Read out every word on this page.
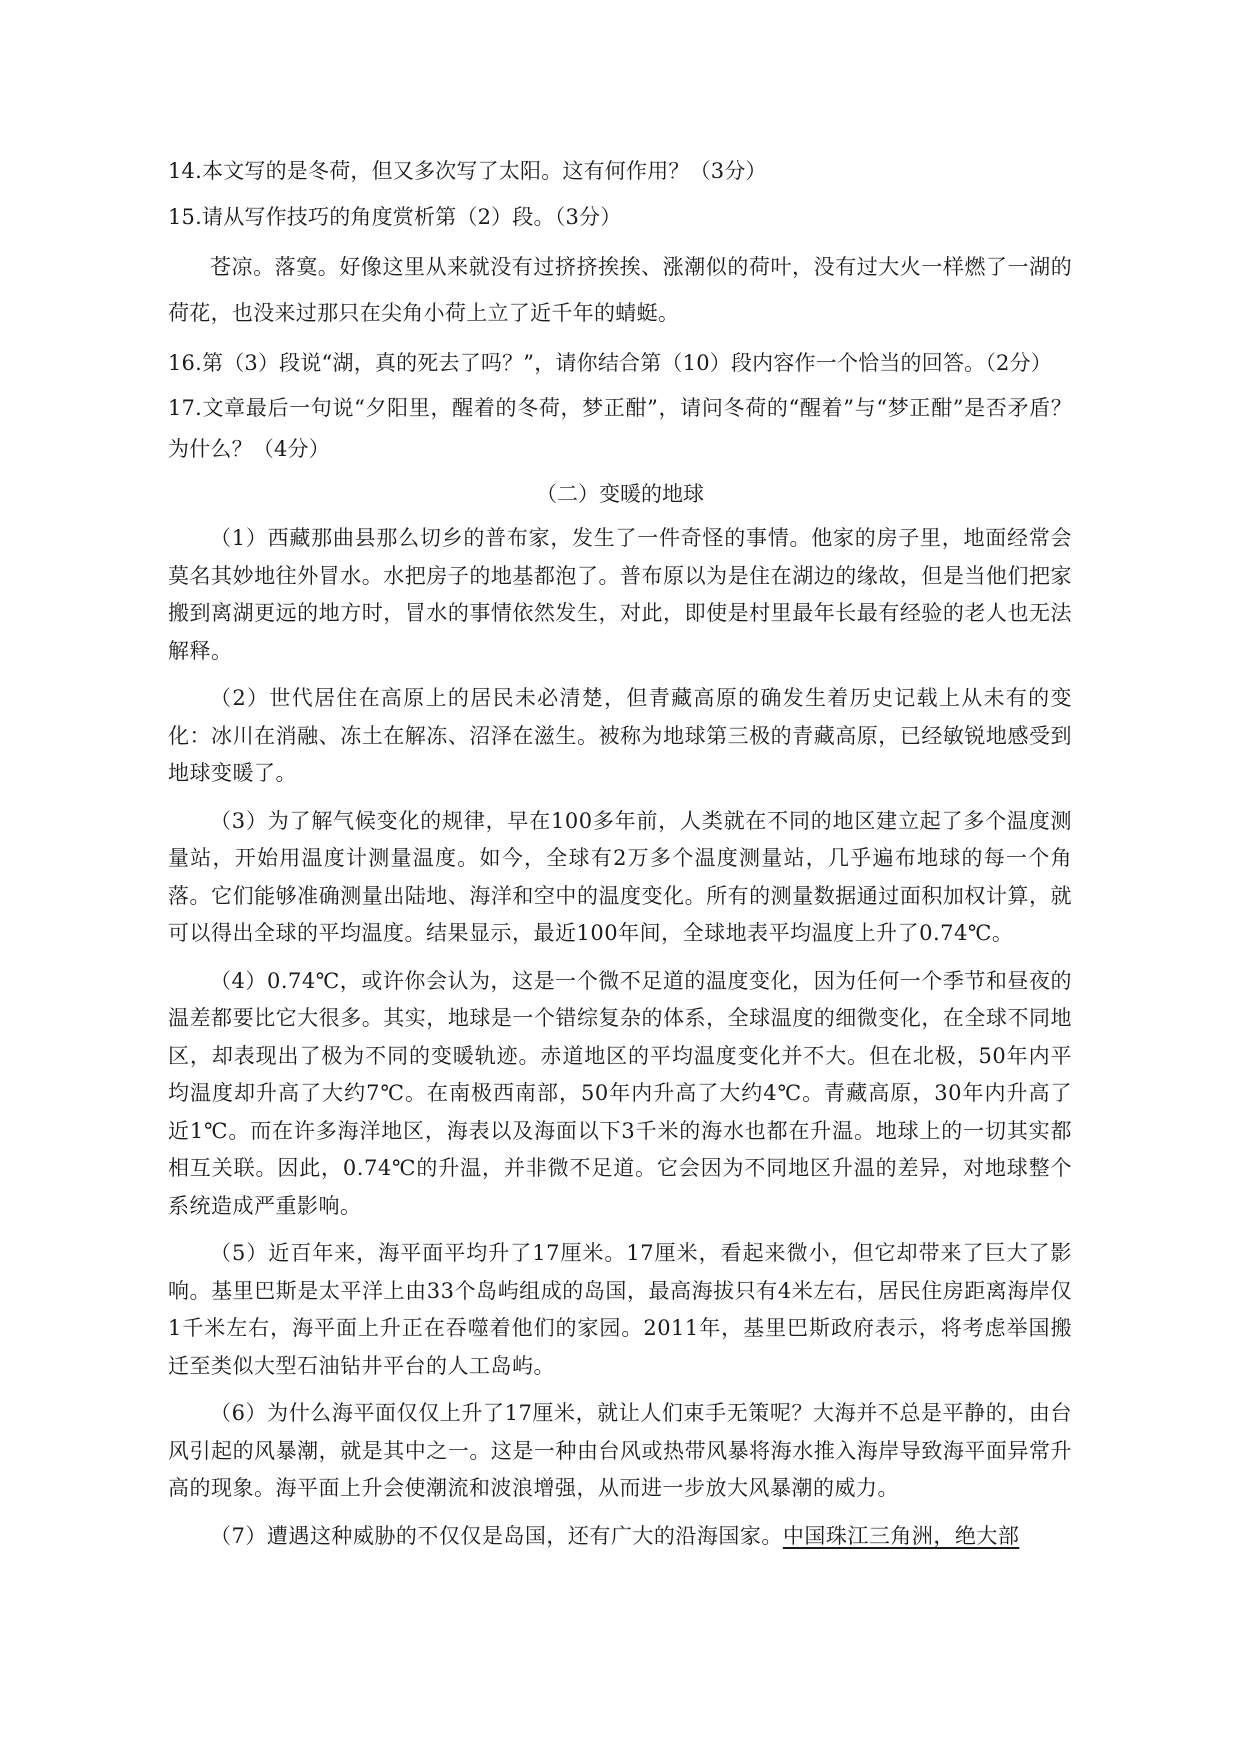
14.本文写的是冬荷，但又多次写了太阳。这有何作用？（3分）

15.请从写作技巧的角度赏析第（2）段。（3分）

苍凉。落寞。好像这里从来就没有过挤挤挨挨、涨潮似的荷叶，没有过大火一样燃了一湖的荷花，也没来过那只在尖角小荷上立了近千年的蜻蜓。

16.第（3）段说“湖，真的死去了吗？”，请你结合第（10）段内容作一个恰当的回答。（2分）

17.文章最后一句说“夕阳里，醒着的冬荷，梦正酣”，请问冬荷的“醒着”与“梦正酣”是否矛盾？为什么？（4分）

（二）变暖的地球

（1）西藏那曲县那么切乡的普布家，发生了一件奇怪的事情。他家的房子里，地面经常会莫名其妙地往外冒水。水把房子的地基都泡了。普布原以为是住在湖边的缘故，但是当他们把家搬到离湖更远的地方时，冒水的事情依然发生，对此，即使是村里最年长最有经验的老人也无法解释。

（2）世代居住在高原上的居民未必清楚，但青藏高原的确发生着历史记载上从未有的变化：冰川在消融、冻土在解冻、沼泽在滋生。被称为地球第三极的青藏高原，已经敏锐地感受到地球变暖了。

（3）为了解气候变化的规律，早在100多年前，人类就在不同的地区建立起了多个温度测量站，开始用温度计测量温度。如今，全球有2万多个温度测量站，几乎遍布地球的每一个角落。它们能够准确测量出陆地、海洋和空中的温度变化。所有的测量数据通过面积加权计算，就可以得出全球的平均温度。结果显示，最近100年间，全球地表平均温度上升了0.74℃。

（4）0.74℃，或许你会认为，这是一个微不足道的温度变化，因为任何一个季节和昼夜的温差都要比它大很多。其实，地球是一个错综复杂的体系，全球温度的细微变化，在全球不同地区，却表现出了极为不同的变暖轨迹。赤道地区的平均温度变化并不大。但在北极，50年内平均温度却升高了大约7℃。在南极西南部，50年内升高了大约4℃。青藏高原，30年内升高了近1℃。而在许多海洋地区，海表以及海面以下3千米的海水也都在升温。地球上的一切其实都相互关联。因此，0.74℃的升温，并非微不足道。它会因为不同地区升温的差异，对地球整个系统造成严重影响。

（5）近百年来，海平面平均升了17厘米。17厘米，看起来微小，但它却带来了巨大了影响。基里巴斯是太平洋上由33个岛屿组成的岛国，最高海拔只有4米左右，居民住房距离海岸仅1千米左右，海平面上升正在吞噬着他们的家园。2011年，基里巴斯政府表示，将考虑举国搬迁至类似大型石油钻井平台的人工岛屿。

（6）为什么海平面仅仅上升了17厘米，就让人们束手无策呢？大海并不总是平静的，由台风引起的风暴潮，就是其中之一。这是一种由台风或热带风暴将海水推入海岸导致海平面异常升高的现象。海平面上升会使潮流和波浪增强，从而进一步放大风暴潮的威力。

（7）遭遇这种威胁的不仅仅是岛国，还有广大的沿海国家。中国珠江三角洲，绝大部
